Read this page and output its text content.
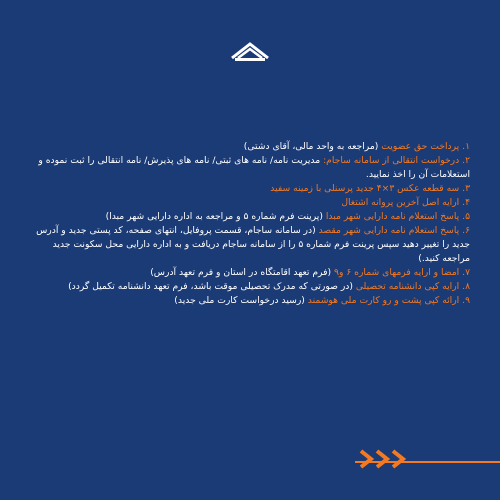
۱. پرداخت حق عضویت (مراجعه به واحد مالی، آقای دشتی)

۲. درخواست انتقالی از سامانه ساجام: مدیریت نامه/ نامه های ثبتی/ نامه های پذیرش/ نامه انتقالی را ثبت نموده و استعلامات آن را اخذ نمایید.

۳. سه قطعه عکس ۳×۴ جدید پرسنلی با زمینه سفید

۴. ارایه اصل آخرین پروانه اشتغال

۵. پاسخ استعلام نامه دارایی شهر مبدا (پرینت فرم شماره ۵ و مراجعه به اداره دارایی شهر مبدا)

۶. پاسخ استعلام نامه دارایی شهر مقصد (در سامانه ساجام، قسمت پروفایل، انتهای صفحه، کد پستی جدید و آدرس جدید را تغییر دهید سپس پرینت فرم شماره ۵ را از سامانه ساجام دریافت و به اداره دارایی محل سکونت جدید مراجعه کنید.)

۷. امضا و ارایه فرمهای شماره ۶ و۹ (فرم تعهد اقامتگاه در استان و فرم تعهد آدرس)

۸. ارایه کپی دانشنامه تحصیلی (در صورتی که مدرک تحصیلی موقت باشد، فرم تعهد دانشنامه تکمیل گردد)

۹. ارائه کپی پشت و رو کارت ملی هوشمند (رسید درخواست کارت ملی جدید)
